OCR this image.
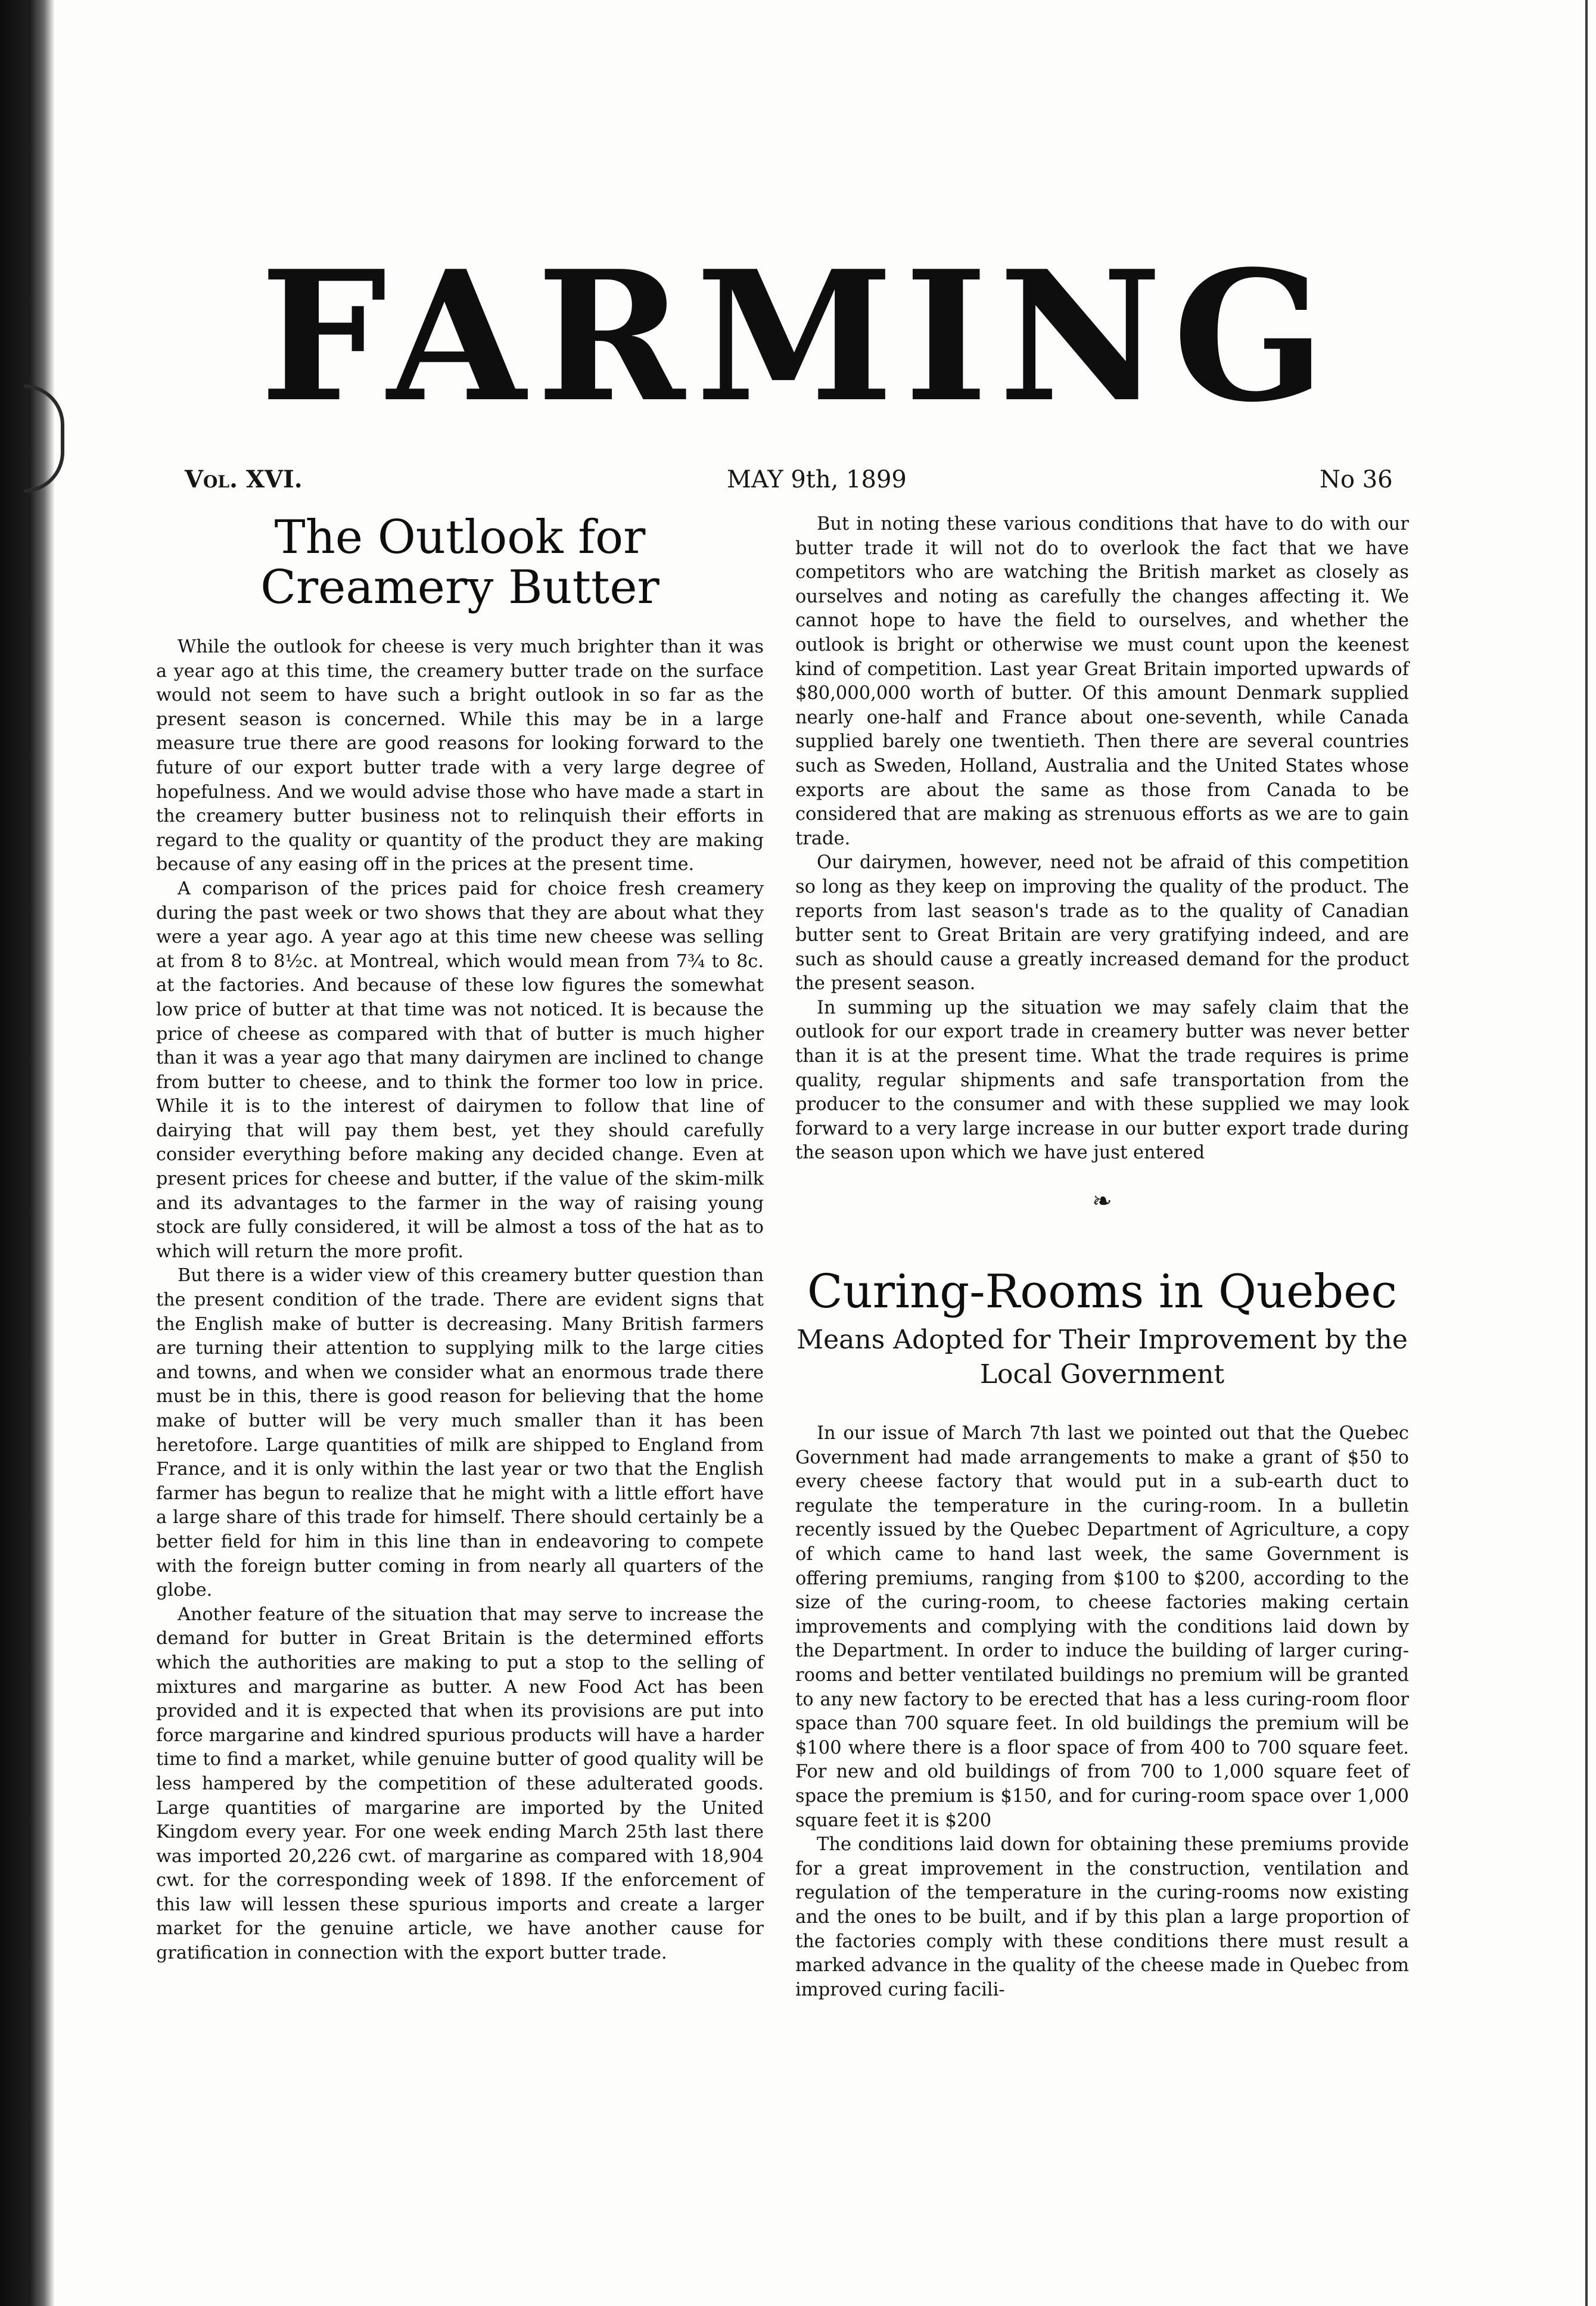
FARMING
Vol. XVI.	MAY 9th, 1899	No 36
The Outlook for Creamery Butter

While the outlook for cheese is very much brighter than it was a year ago at this time, the creamery butter trade on the surface would not seem to have such a bright outlook in so far as the present season is concerned. While this may be in a large measure true there are good reasons for looking forward to the future of our export butter trade with a very large degree of hopefulness. And we would advise those who have made a start in the creamery butter business not to relinquish their efforts in regard to the quality or quantity of the product they are making because of any easing off in the prices at the present time.

A comparison of the prices paid for choice fresh creamery during the past week or two shows that they are about what they were a year ago. A year ago at this time new cheese was selling at from 8 to 8½c. at Montreal, which would mean from 7¾ to 8c. at the factories. And because of these low figures the somewhat low price of butter at that time was not noticed. It is because the price of cheese as compared with that of butter is much higher than it was a year ago that many dairymen are inclined to change from butter to cheese, and to think the former too low in price. While it is to the interest of dairymen to follow that line of dairying that will pay them best, yet they should carefully consider everything before making any decided change. Even at present prices for cheese and butter, if the value of the skim-milk and its advantages to the farmer in the way of raising young stock are fully considered, it will be almost a toss of the hat as to which will return the more profit.

But there is a wider view of this creamery butter question than the present condition of the trade. There are evident signs that the English make of butter is decreasing. Many British farmers are turning their attention to supplying milk to the large cities and towns, and when we consider what an enormous trade there must be in this, there is good reason for believing that the home make of butter will be very much smaller than it has been heretofore. Large quantities of milk are shipped to England from France, and it is only within the last year or two that the English farmer has begun to realize that he might with a little effort have a large share of this trade for himself. There should certainly be a better field for him in this line than in endeavoring to compete with the foreign butter coming in from nearly all quarters of the globe.

Another feature of the situation that may serve to increase the demand for butter in Great Britain is the determined efforts which the authorities are making to put a stop to the selling of mixtures and margarine as butter. A new Food Act has been provided and it is expected that when its provisions are put into force margarine and kindred spurious products will have a harder time to find a market, while genuine butter of good quality will be less hampered by the competition of these adulterated goods. Large quantities of margarine are imported by the United Kingdom every year. For one week ending March 25th last there was imported 20,226 cwt. of margarine as compared with 18,904 cwt. for the corresponding week of 1898. If the enforcement of this law will lessen these spurious imports and create a larger market for the genuine article, we have another cause for gratification in connection with the export butter trade.

But in noting these various conditions that have to do with our butter trade it will not do to overlook the fact that we have competitors who are watching the British market as closely as ourselves and noting as carefully the changes affecting it. We cannot hope to have the field to ourselves, and whether the outlook is bright or otherwise we must count upon the keenest kind of competition. Last year Great Britain imported upwards of $80,000,000 worth of butter. Of this amount Denmark supplied nearly one-half and France about one-seventh, while Canada supplied barely one twentieth. Then there are several countries such as Sweden, Holland, Australia and the United States whose exports are about the same as those from Canada to be considered that are making as strenuous efforts as we are to gain trade.

Our dairymen, however, need not be afraid of this competition so long as they keep on improving the quality of the product. The reports from last season's trade as to the quality of Canadian butter sent to Great Britain are very gratifying indeed, and are such as should cause a greatly increased demand for the product the present season.

In summing up the situation we may safely claim that the outlook for our export trade in creamery butter was never better than it is at the present time. What the trade requires is prime quality, regular shipments and safe transportation from the producer to the consumer and with these supplied we may look forward to a very large increase in our butter export trade during the season upon which we have just entered

❧
Curing-Rooms in Quebec
Means Adopted for Their Improvement by the Local Government

In our issue of March 7th last we pointed out that the Quebec Government had made arrangements to make a grant of $50 to every cheese factory that would put in a sub-earth duct to regulate the temperature in the curing-room. In a bulletin recently issued by the Quebec Department of Agriculture, a copy of which came to hand last week, the same Government is offering premiums, ranging from $100 to $200, according to the size of the curing-room, to cheese factories making certain improvements and complying with the conditions laid down by the Department. In order to induce the building of larger curing-rooms and better ventilated buildings no premium will be granted to any new factory to be erected that has a less curing-room floor space than 700 square feet. In old buildings the premium will be $100 where there is a floor space of from 400 to 700 square feet. For new and old buildings of from 700 to 1,000 square feet of space the premium is $150, and for curing-room space over 1,000 square feet it is $200

The conditions laid down for obtaining these premiums provide for a great improvement in the construction, ventilation and regulation of the temperature in the curing-rooms now existing and the ones to be built, and if by this plan a large proportion of the factories comply with these conditions there must result a marked advance in the quality of the cheese made in Quebec from improved curing facili-
